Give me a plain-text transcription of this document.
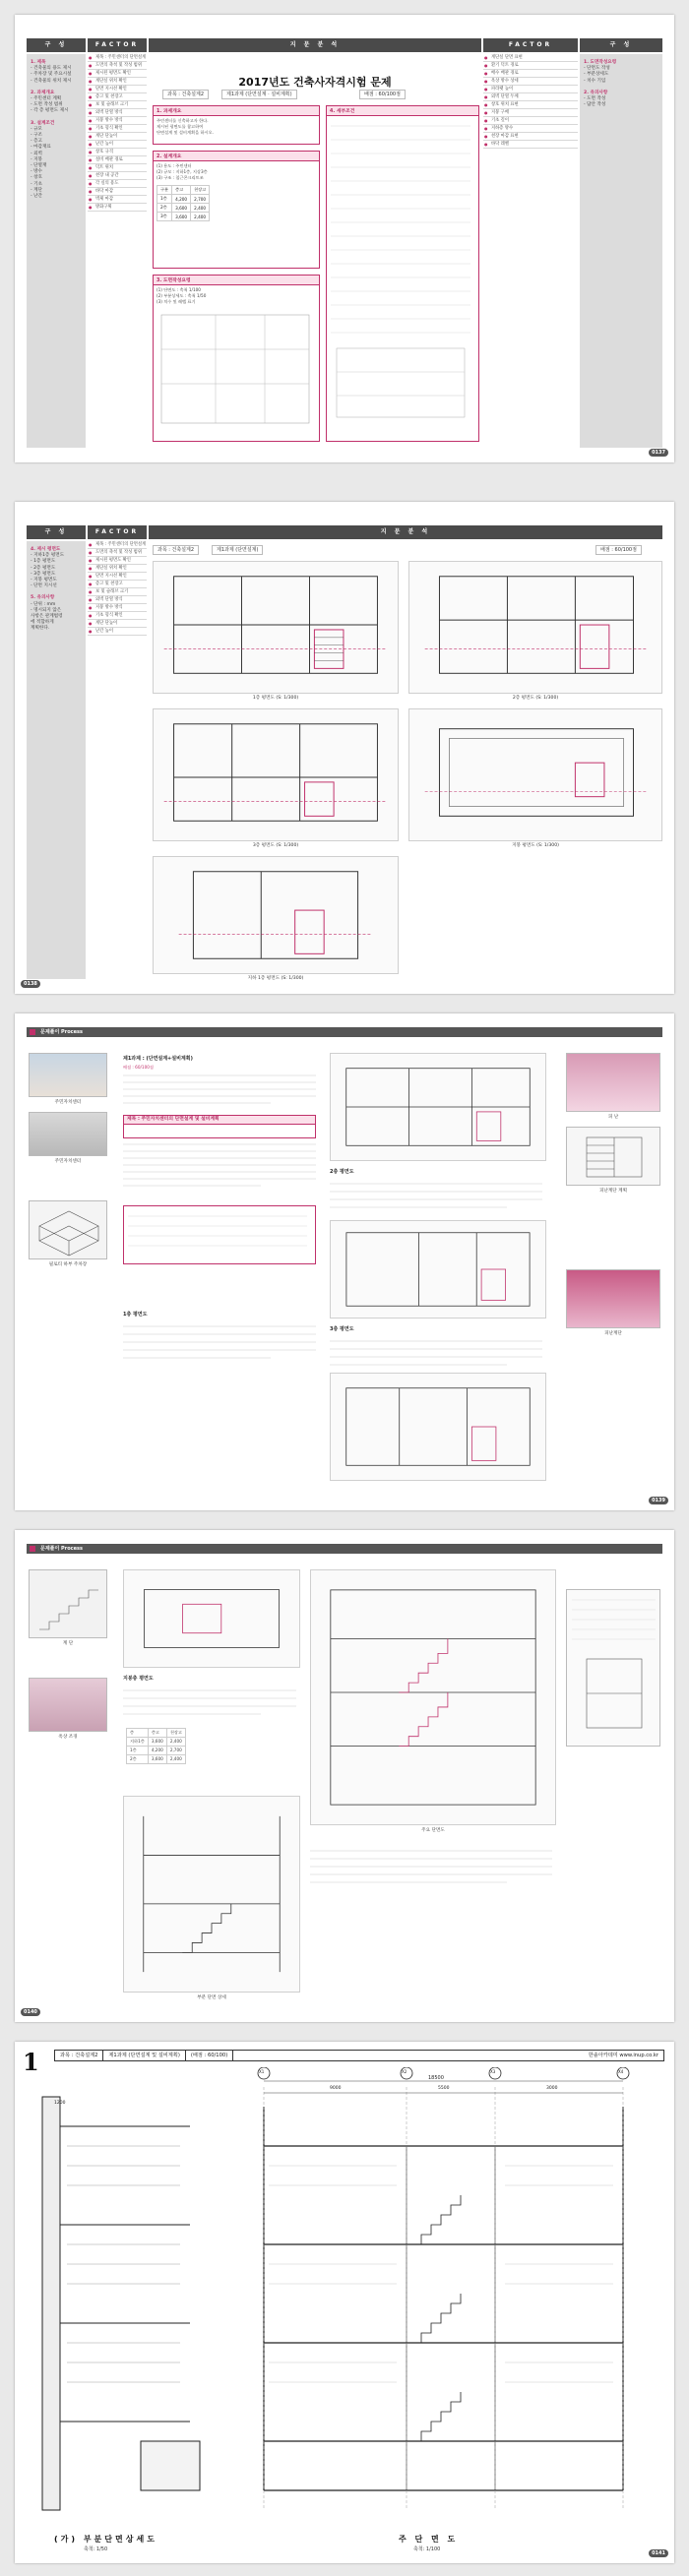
구 성	FACTOR	지 문 분 석	FACTOR	구 성
1. 제목
- 건축물의 용도 제시
- 주차장 및 주요시설
- 건축물의 위치 제시
2. 과제개요
- 주민센터 계획
- 도면 작성 범위
- 각 층 평면도 제시
3. 설계조건
- 규모
- 구조
- 층고
- 마감재료
- 외벽
- 지붕
- 단열재
- 방수
- 창호
- 기초
- 계단
- 난간
● 제목 : 주민센터의 단면설계
● 도면의 축척 및 작성 범위
● 제시된 평면도 확인
● 계단실 위치 확인
● 단면 지시선 확인
● 층고 및 천장고
● 보 및 슬래브 크기
● 외벽 단열 방식
● 지붕 방수 방식
● 기초 형식 확인
● 계단 단높이
● 난간 높이
● 창호 규격
● 설비 배관 경로
● 덕트 위치
● 천장 내 공간
● 각 실의 용도
● 바닥 마감
● 벽체 마감
● 방화구획
2017년도 건축사자격시험 문제
과목 : 건축설계2	제1과제 (단면설계 · 설비계획)	배점 : 60/100점
1. 과제개요
주민센터를 신축하고자 한다.
제시된 평면도를 참고하여
단면설계 및 설비계획을 하시오.
2. 설계개요
(1) 용도 : 주민센터
(2) 규모 : 지하1층, 지상3층
(3) 구조 : 철근콘크리트조
구분	층고	천장고
1층	4,200	2,700
2층	3,600	2,400
3층	3,600	2,400
3. 도면작성요령
(1) 단면도 : 축척 1/100
(2) 부분상세도 : 축척 1/50
(3) 치수 및 레벨 표기
4. 세부조건
● 계단실 단면 표현
● 환기 덕트 경로
● 배수 배관 경로
● 옥상 방수 상세
● 파라펫 높이
● 외벽 단열 두께
● 창호 위치 표현
● 지붕 구배
● 기초 깊이
● 지하층 방수
● 천장 마감 표현
● 바닥 레벨
1. 도면작성요령
- 단면도 작성
- 부분상세도
- 치수 기입
2. 유의사항
- 도면 작성
- 답안 작성
0137
구 성	FACTOR	지 문 분 석
4. 제시 평면도
- 지하1층 평면도
- 1층 평면도
- 2층 평면도
- 3층 평면도
- 지붕 평면도
- 단면 지시선
5. 유의사항
- 단위 : mm
- 명시되지 않은
사항은 관계법령
에 적합하게
계획한다.
● 제목 : 주민센터의 단면설계
● 도면의 축척 및 작성 범위
● 제시된 평면도 확인
● 계단실 위치 확인
● 단면 지시선 확인
● 층고 및 천장고
● 보 및 슬래브 크기
● 외벽 단열 방식
● 지붕 방수 방식
● 기초 형식 확인
● 계단 단높이
● 난간 높이
과목 : 건축설계2	제1과제 (단면설계)	배점 : 60/100점
1층 평면도 (S: 1/300)	2층 평면도 (S: 1/300)
3층 평면도 (S: 1/300)	지붕 평면도 (S: 1/300)
지하 1층 평면도 (S: 1/300)
0138
문제풀이 Process
주민자치센터
주민자치센터
필로티 하부 주차장
제1과제 : (단면설계+설비계획)
배점 : 60/100점

제목 : 주민자치센터의 단면설계 및 설비계획

1층 평면도
2층 평면도
3층 평면도
피 난
피난계단 계획
피난계단
0139
문제풀이 Process
계 단
옥상 조경
지붕층 평면도
층	층고	천장고
지하1층	3,600	2,400
1층	4,200	2,700
2층	3,600	2,400
부분 단면 상세
주요 단면도
0140
1	과목 : 건축설계2	제1과제 (단면설계 및 설비계획)	(배점 : 60/100)	한솔아카데미 www.inup.co.kr
X1	X2	X3	X4
18500
9000	5500	3000
1200
(가) 부분단면상세도
축척: 1/50
주 단 면 도
축척: 1/100
0141
